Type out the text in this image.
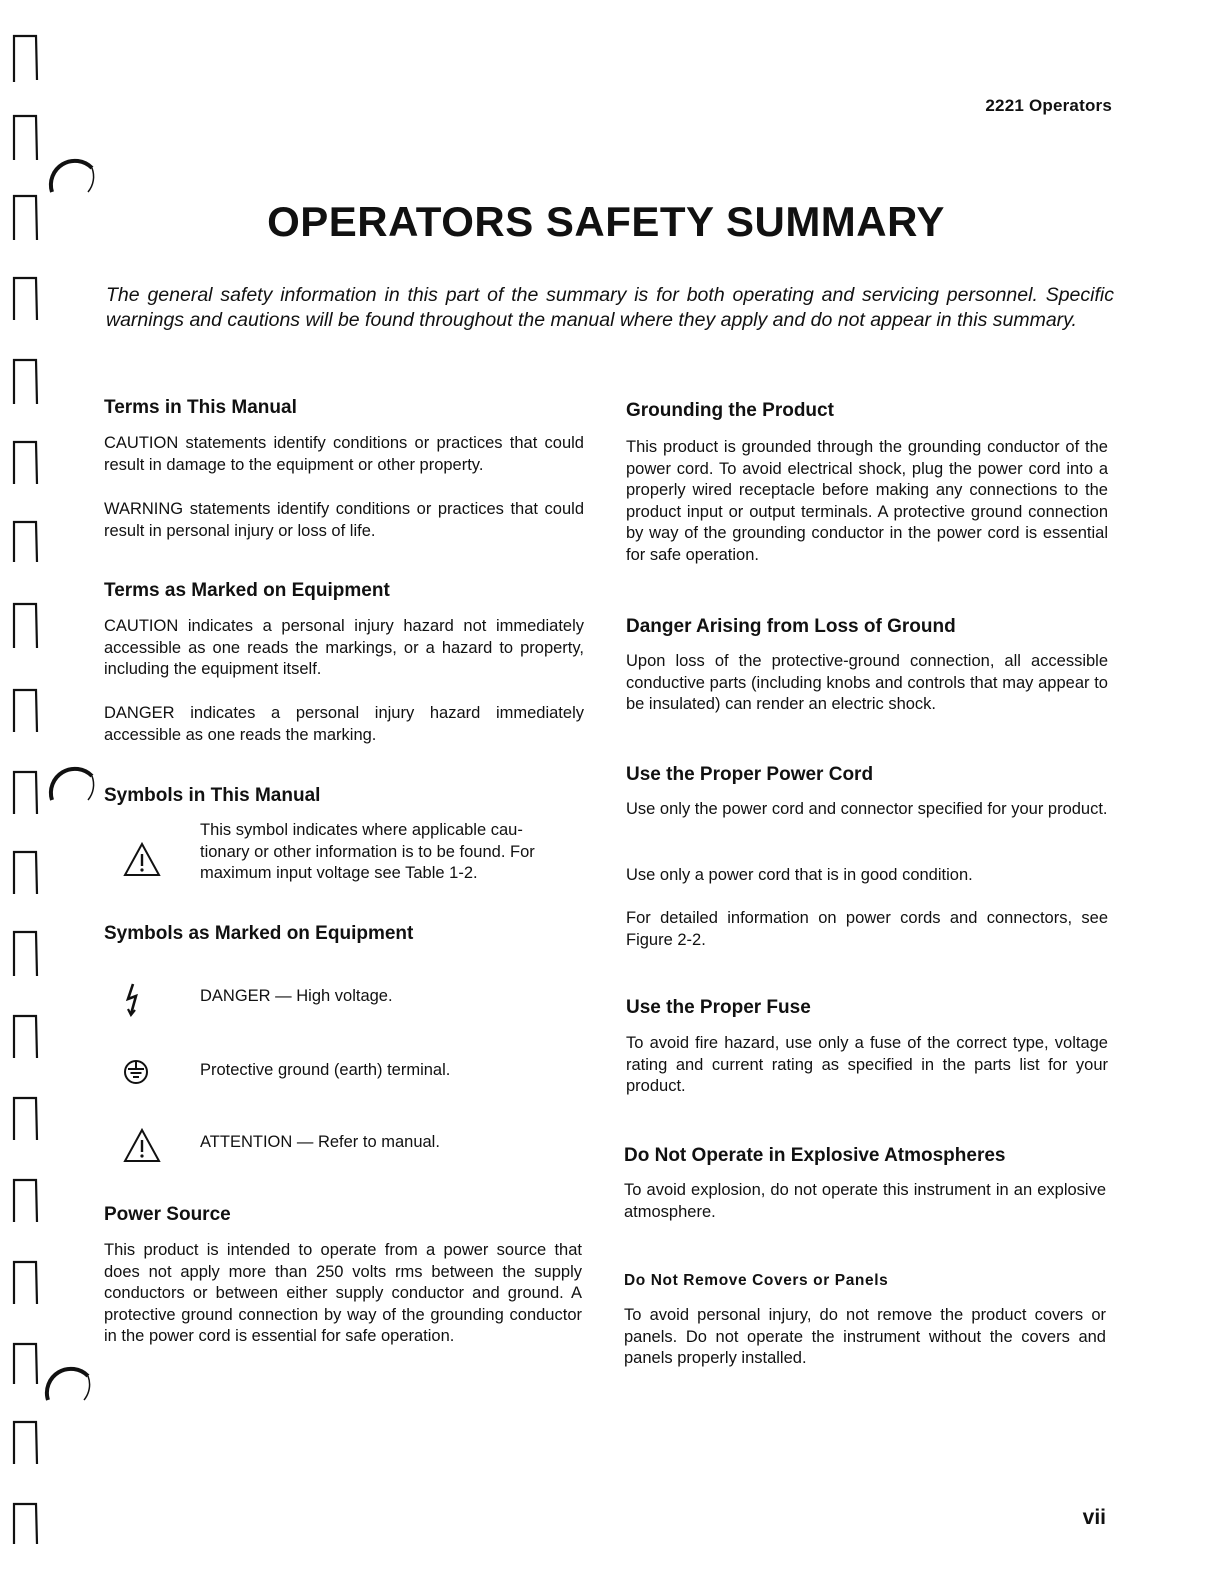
2221 Operators
OPERATORS SAFETY SUMMARY

The general safety information in this part of the summary is for both operating and servicing personnel. Specific warnings and cautions will be found throughout the manual where they apply and do not appear in this summary.

Terms in This Manual

CAUTION statements identify conditions or practices that could result in damage to the equipment or other property.

WARNING statements identify conditions or practices that could result in personal injury or loss of life.

Terms as Marked on Equipment

CAUTION indicates a personal injury hazard not immediately accessible as one reads the markings, or a hazard to property, including the equipment itself.

DANGER indicates a personal injury hazard immediately accessible as one reads the marking.

Symbols in This Manual
This symbol indicates where applicable cau-
tionary or other information is to be found. For
maximum input voltage see Table 1-2.
Symbols as Marked on Equipment
DANGER — High voltage.
Protective ground (earth) terminal.
ATTENTION — Refer to manual.
Power Source

This product is intended to operate from a power source that does not apply more than 250 volts rms between the supply conductors or between either supply conductor and ground. A protective ground connection by way of the grounding conductor in the power cord is essential for safe operation.

Grounding the Product

This product is grounded through the grounding conductor of the power cord. To avoid electrical shock, plug the power cord into a properly wired receptacle before making any connections to the product input or output terminals. A protective ground connection by way of the grounding conductor in the power cord is essential for safe operation.

Danger Arising from Loss of Ground

Upon loss of the protective-ground connection, all accessible conductive parts (including knobs and controls that may appear to be insulated) can render an electric shock.

Use the Proper Power Cord

Use only the power cord and connector specified for your product.

Use only a power cord that is in good condition.

For detailed information on power cords and connectors, see Figure 2-2.

Use the Proper Fuse

To avoid fire hazard, use only a fuse of the correct type, voltage rating and current rating as specified in the parts list for your product.

Do Not Operate in Explosive Atmospheres

To avoid explosion, do not operate this instrument in an explosive atmosphere.

Do Not Remove Covers or Panels

To avoid personal injury, do not remove the product covers or panels. Do not operate the instrument without the covers and panels properly installed.

vii
